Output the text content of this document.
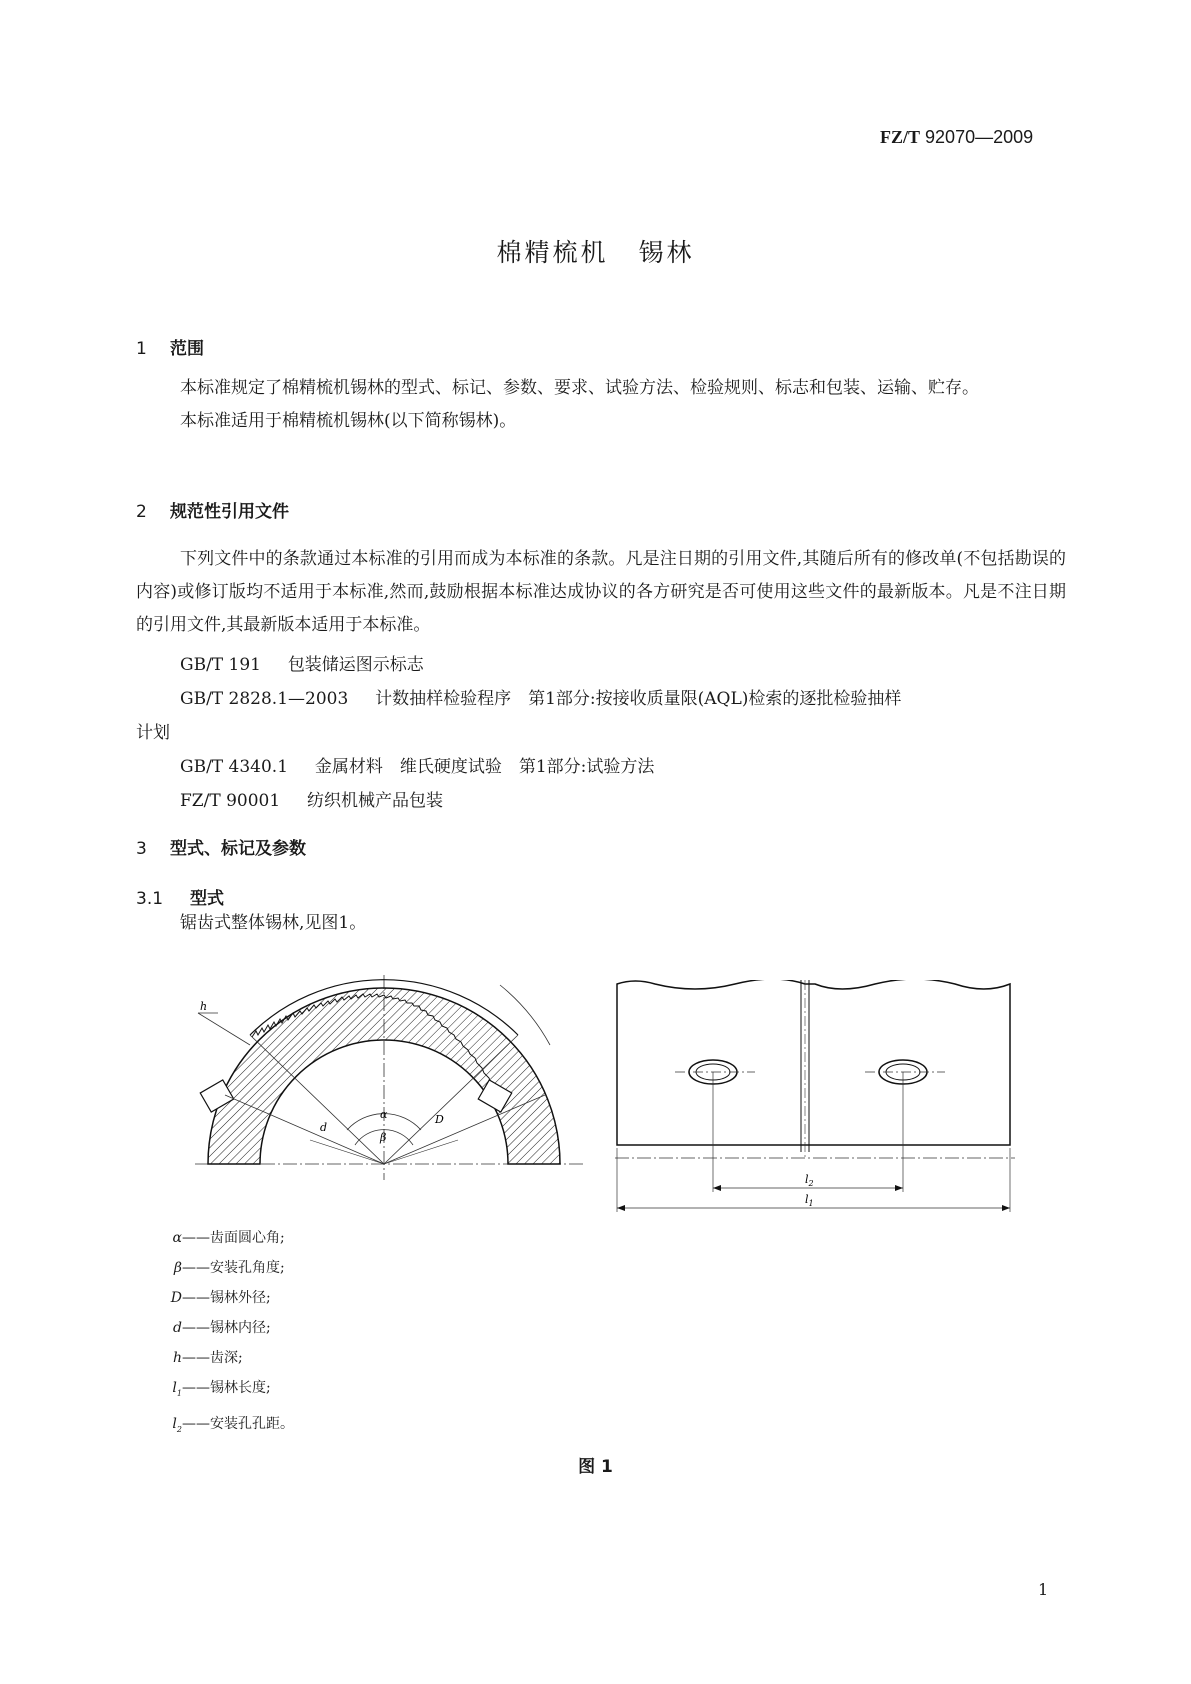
FZ/T 92070—2009
棉精梳机 锡林
1 范围

本标准规定了棉精梳机锡林的型式、标记、参数、要求、试验方法、检验规则、标志和包装、运输、贮存。

本标准适用于棉精梳机锡林(以下简称锡林)。

2 规范性引用文件

下列文件中的条款通过本标准的引用而成为本标准的条款。凡是注日期的引用文件,其随后所有的修改单(不包括勘误的内容)或修订版均不适用于本标准,然而,鼓励根据本标准达成协议的各方研究是否可使用这些文件的最新版本。凡是不注日期的引用文件,其最新版本适用于本标准。

GB/T 191 包装储运图示标志
GB/T 2828.1—2003 计数抽样检验程序　第1部分:按接收质量限(AQL)检索的逐批检验抽样
计划
GB/T 4340.1 金属材料　维氏硬度试验　第1部分:试验方法
FZ/T 90001 纺织机械产品包装
3 型式、标记及参数
3.1 型式
锯齿式整体锡林,见图1。
h
d
D
α
β
$l_2$
$l_1$
α——齿面圆心角;
β——安装孔角度;
D——锡林外径;
d——锡林内径;
h——齿深;
$l_1——$锡林长度;
$l_2——$安装孔孔距。
图 1
1
